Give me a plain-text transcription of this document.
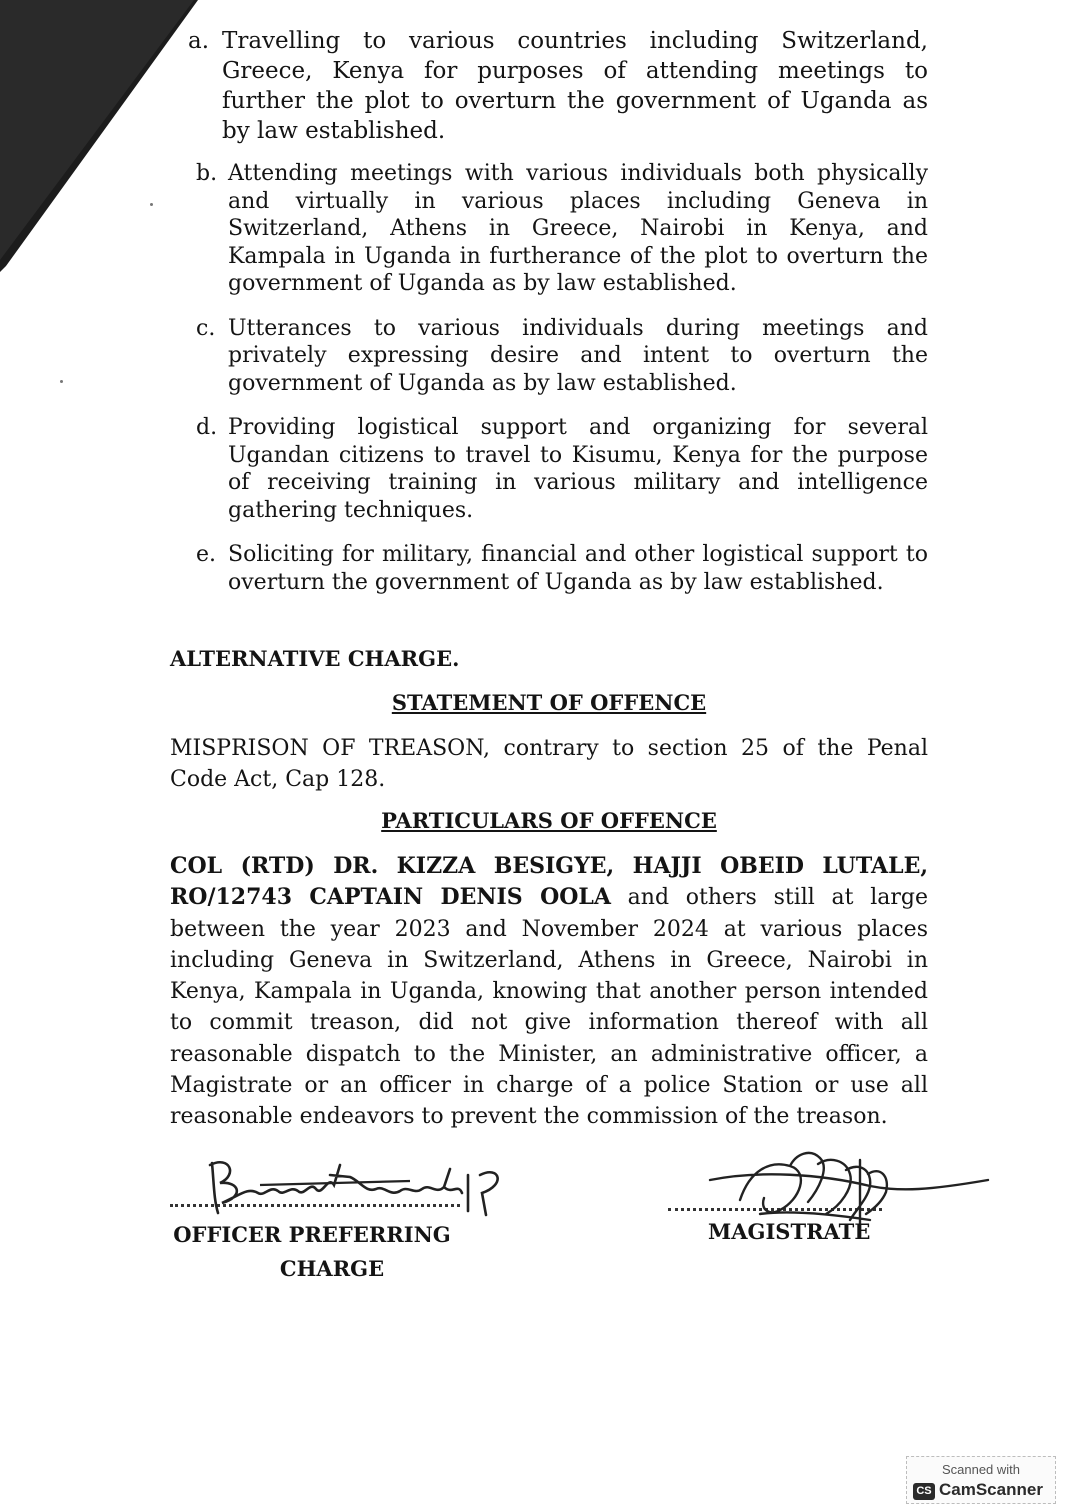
a. Travelling to various countries including Switzerland, Greece, Kenya for purposes of attending meetings to further the plot to overturn the government of Uganda as by law established.
b. Attending meetings with various individuals both physically and virtually in various places including Geneva in Switzerland, Athens in Greece, Nairobi in Kenya, and Kampala in Uganda in furtherance of the plot to overturn the government of Uganda as by law established.
c. Utterances to various individuals during meetings and privately expressing desire and intent to overturn the government of Uganda as by law established.
d. Providing logistical support and organizing for several Ugandan citizens to travel to Kisumu, Kenya for the purpose of receiving training in various military and intelligence gathering techniques.
e. Soliciting for military, financial and other logistical support to overturn the government of Uganda as by law established.
ALTERNATIVE CHARGE.
STATEMENT OF OFFENCE

MISPRISON OF TREASON, contrary to section 25 of the Penal Code Act, Cap 128.

PARTICULARS OF OFFENCE

COL (RTD) DR. KIZZA BESIGYE, HAJJI OBEID LUTALE, RO/12743 CAPTAIN DENIS OOLA and others still at large between the year 2023 and November 2024 at various places including Geneva in Switzerland, Athens in Greece, Nairobi in Kenya, Kampala in Uganda, knowing that another person intended to commit treason, did not give information thereof with all reasonable dispatch to the Minister, an administrative officer, a Magistrate or an officer in charge of a police Station or use all reasonable endeavors to prevent the commission of the treason.

OFFICER PREFERRING
CHARGE
MAGISTRATE
Scanned with
CS CamScanner
